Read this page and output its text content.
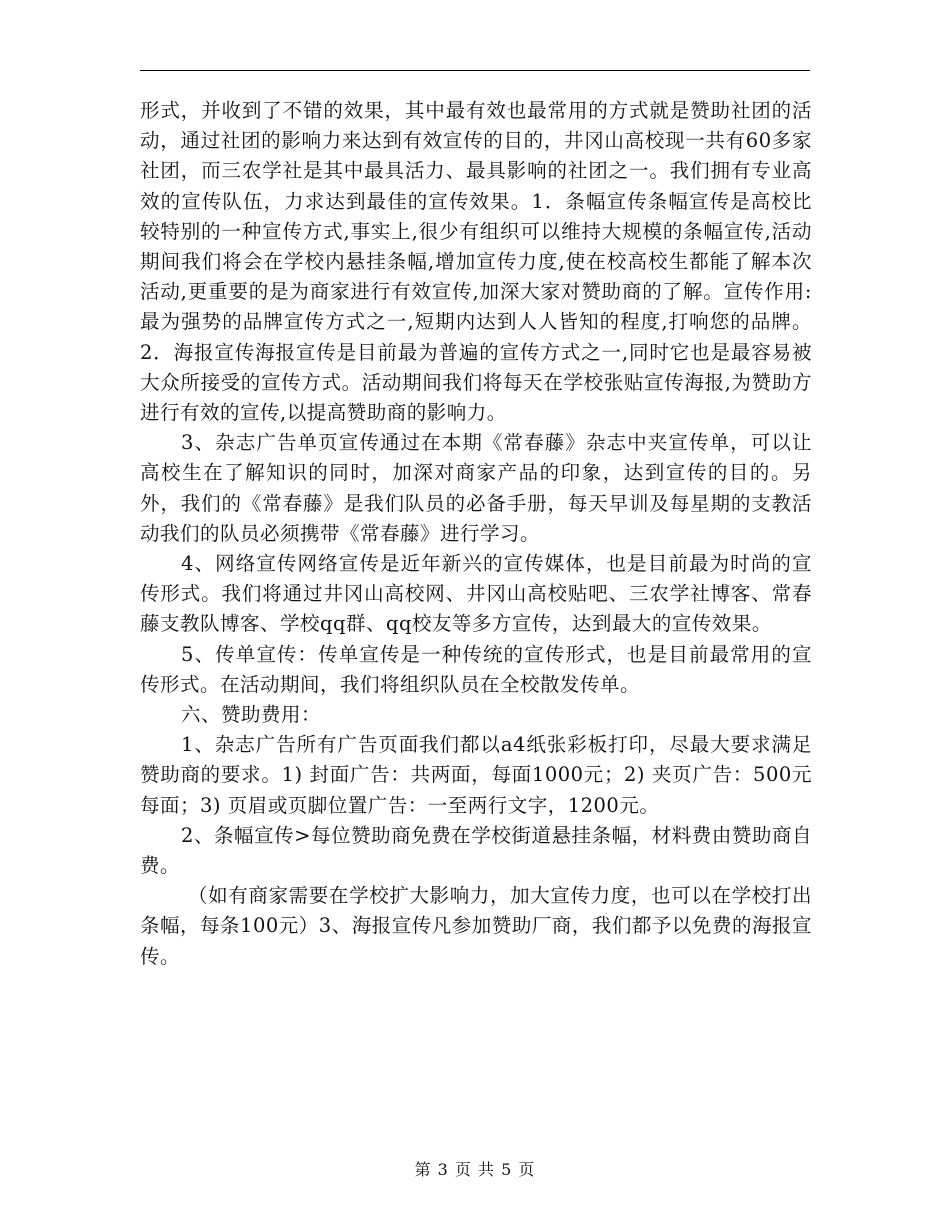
形式，并收到了不错的效果，其中最有效也最常用的方式就是赞助社团的活动，通过社团的影响力来达到有效宣传的目的，井冈山高校现一共有60多家社团，而三农学社是其中最具活力、最具影响的社团之一。我们拥有专业高效的宣传队伍，力求达到最佳的宣传效果。1．条幅宣传条幅宣传是高校比较特别的一种宣传方式,事实上,很少有组织可以维持大规模的条幅宣传,活动期间我们将会在学校内悬挂条幅,增加宣传力度,使在校高校生都能了解本次活动,更重要的是为商家进行有效宣传,加深大家对赞助商的了解。宣传作用:最为强势的品牌宣传方式之一,短期内达到人人皆知的程度,打响您的品牌。2．海报宣传海报宣传是目前最为普遍的宣传方式之一,同时它也是最容易被大众所接受的宣传方式。活动期间我们将每天在学校张贴宣传海报,为赞助方进行有效的宣传,以提高赞助商的影响力。

3、杂志广告单页宣传通过在本期《常春藤》杂志中夹宣传单，可以让高校生在了解知识的同时，加深对商家产品的印象，达到宣传的目的。另外，我们的《常春藤》是我们队员的必备手册，每天早训及每星期的支教活动我们的队员必须携带《常春藤》进行学习。

4、网络宣传网络宣传是近年新兴的宣传媒体，也是目前最为时尚的宣传形式。我们将通过井冈山高校网、井冈山高校贴吧、三农学社博客、常春藤支教队博客、学校qq群、qq校友等多方宣传，达到最大的宣传效果。

5、传单宣传：传单宣传是一种传统的宣传形式，也是目前最常用的宣传形式。在活动期间，我们将组织队员在全校散发传单。

六、赞助费用：

1、杂志广告所有广告页面我们都以a4纸张彩板打印，尽最大要求满足赞助商的要求。1) 封面广告：共两面，每面1000元；2) 夹页广告：500元每面；3) 页眉或页脚位置广告：一至两行文字，1200元。

2、条幅宣传>每位赞助商免费在学校街道悬挂条幅，材料费由赞助商自费。

（如有商家需要在学校扩大影响力，加大宣传力度，也可以在学校打出条幅，每条100元）3、海报宣传凡参加赞助厂商，我们都予以免费的海报宣传。

第 3 页 共 5 页
